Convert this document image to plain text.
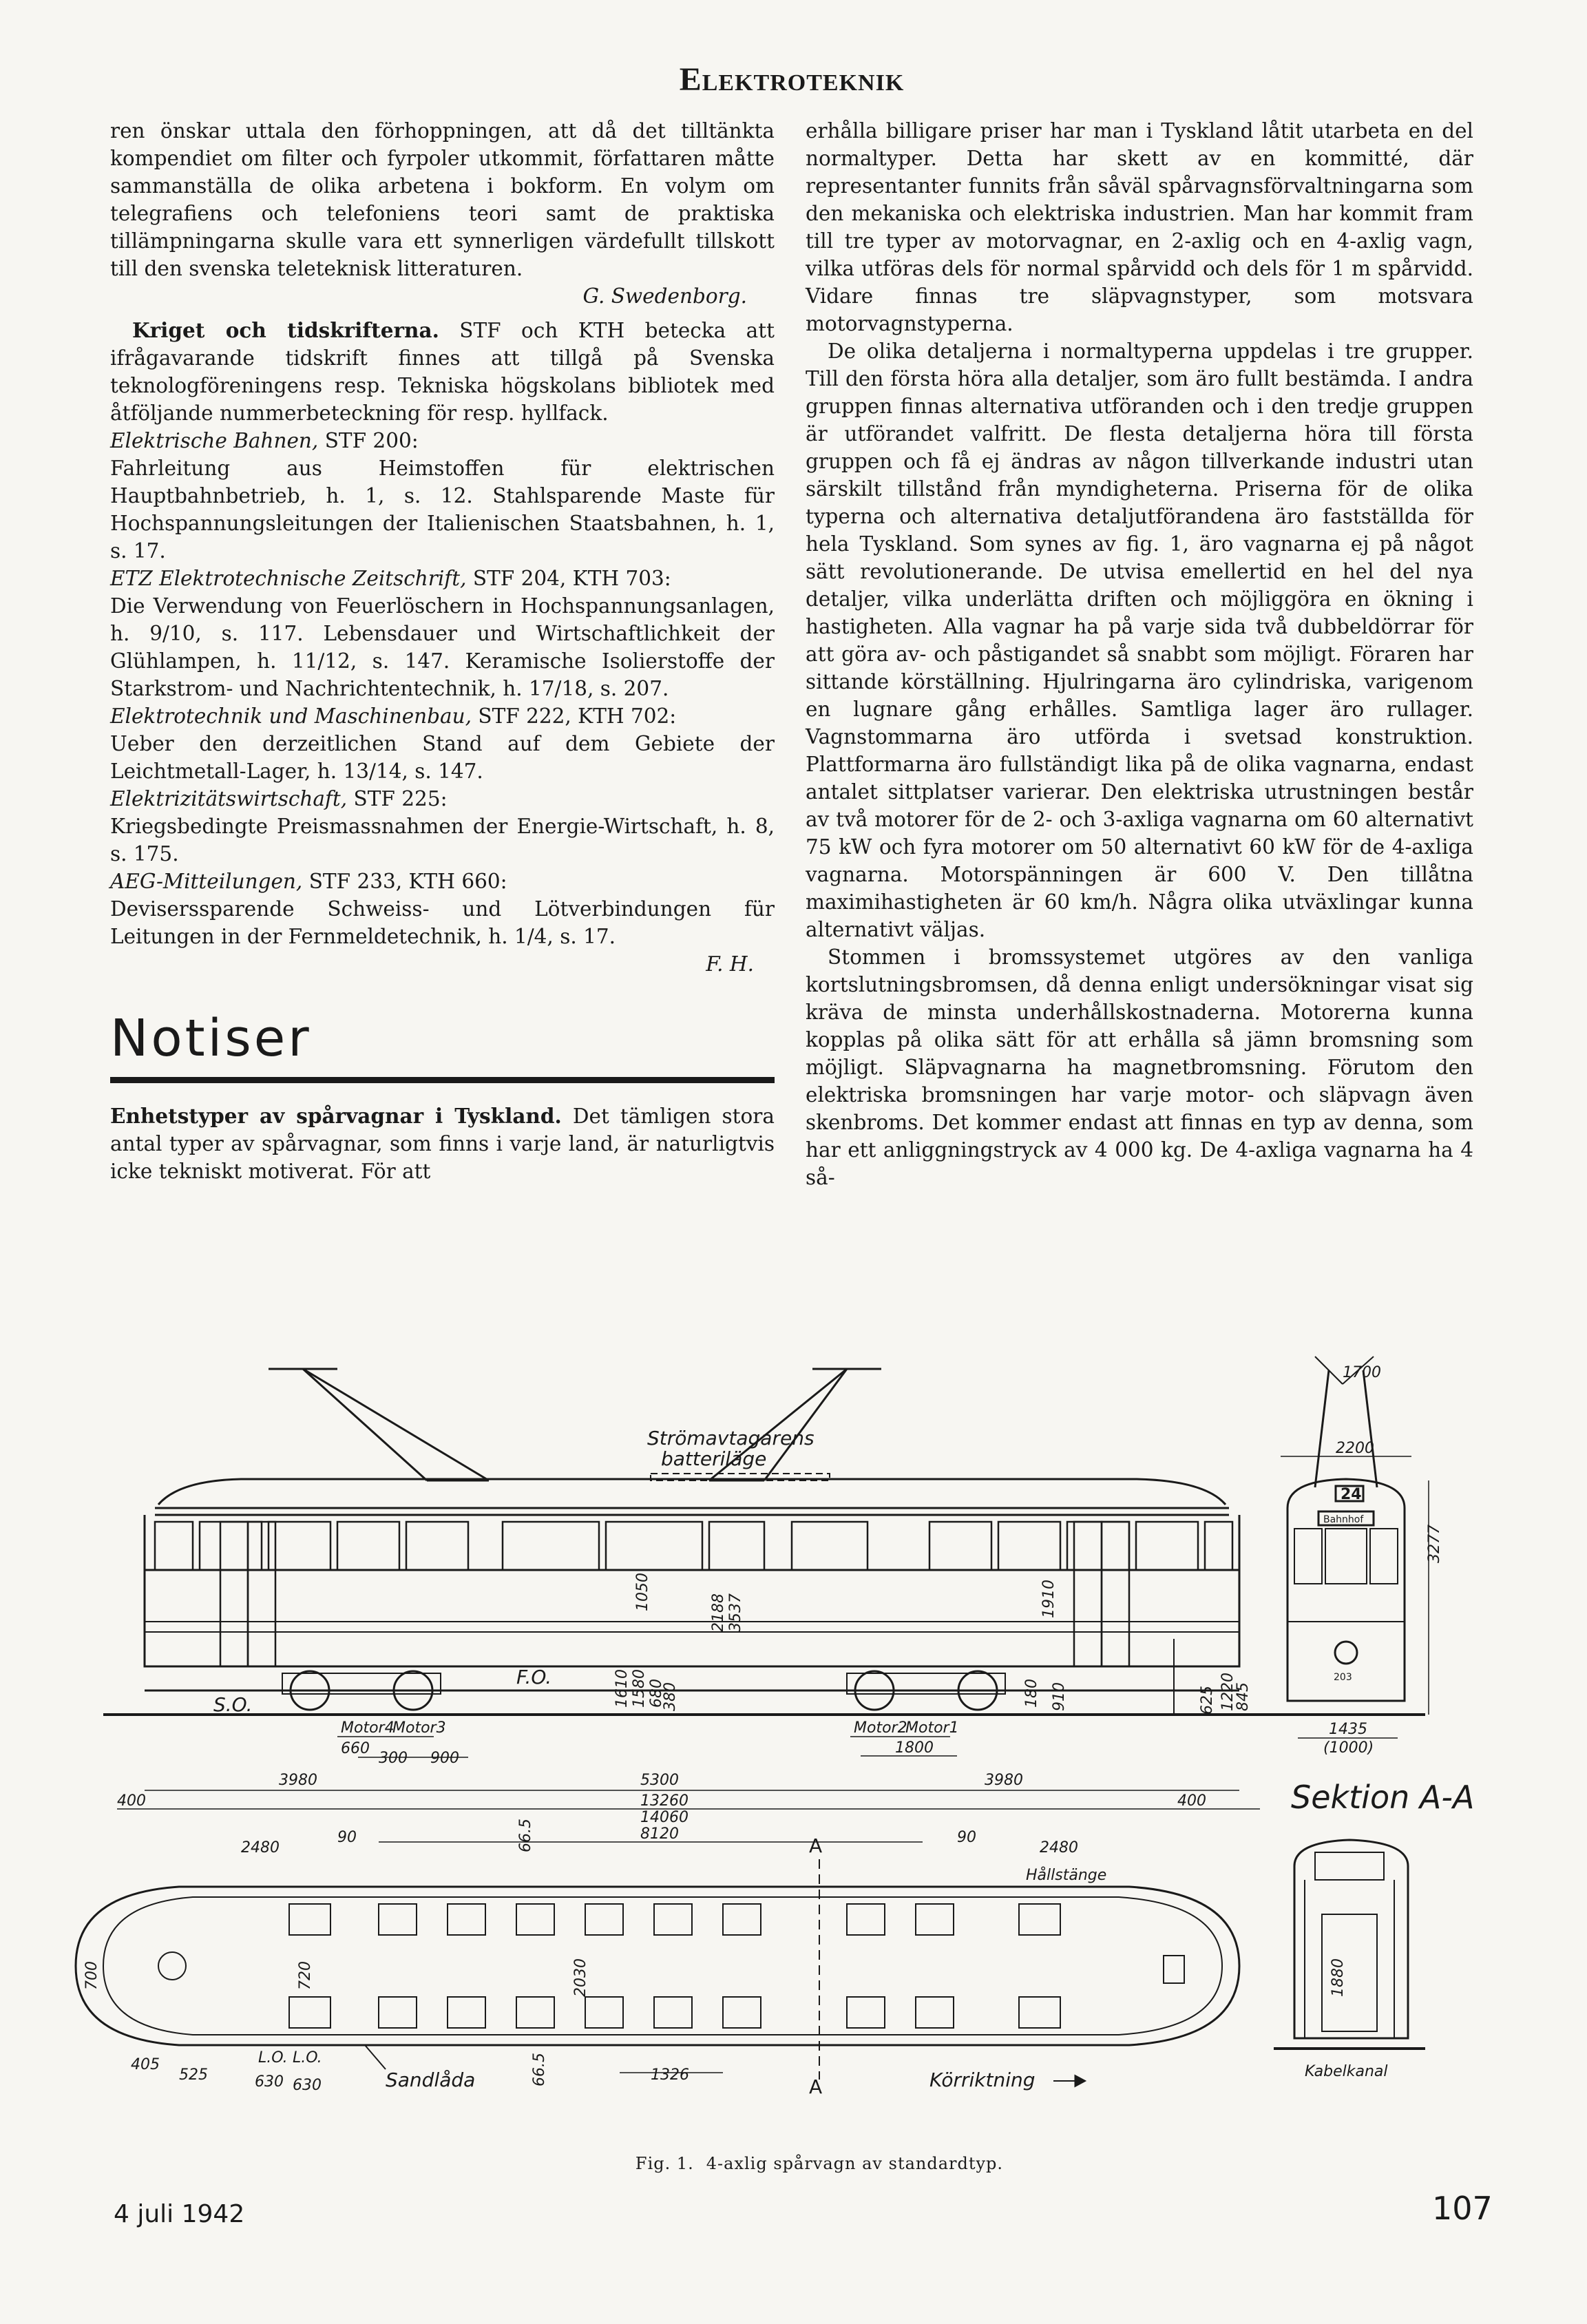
Elektroteknik

ren önskar uttala den förhoppningen, att då det tilltänkta kompendiet om filter och fyrpoler utkommit, författaren måtte sammanställa de olika arbetena i bokform. En volym om telegrafiens och telefoniens teori samt de praktiska tillämpningarna skulle vara ett synnerligen värdefullt tillskott till den svenska teleteknisk litteraturen.

G. Swedenborg.

Kriget och tidskrifterna. STF och KTH betecka att ifrågavarande tidskrift finnes att tillgå på Svenska teknologföreningens resp. Tekniska högskolans bibliotek med åtföljande nummerbeteckning för resp. hyllfack.

Elektrische Bahnen, STF 200:

Fahrleitung aus Heimstoffen für elektrischen Hauptbahnbetrieb, h. 1, s. 12. Stahlsparende Maste für Hochspannungsleitungen der Italienischen Staatsbahnen, h. 1, s. 17.

ETZ Elektrotechnische Zeitschrift, STF 204, KTH 703:

Die Verwendung von Feuerlöschern in Hochspannungsanlagen, h. 9/10, s. 117. Lebensdauer und Wirtschaftlichkeit der Glühlampen, h. 11/12, s. 147. Keramische Isolierstoffe der Starkstrom- und Nachrichtentechnik, h. 17/18, s. 207.

Elektrotechnik und Maschinenbau, STF 222, KTH 702:

Ueber den derzeitlichen Stand auf dem Gebiete der Leichtmetall-Lager, h. 13/14, s. 147.

Elektrizitätswirtschaft, STF 225:

Kriegsbedingte Preismassnahmen der Energie-Wirtschaft, h. 8, s. 175.

AEG-Mitteilungen, STF 233, KTH 660:

Deviserssparende Schweiss- und Lötverbindungen für Leitungen in der Fernmeldetechnik, h. 1/4, s. 17.

F. H.

Notiser

Enhetstyper av spårvagnar i Tyskland. Det tämligen stora antal typer av spårvagnar, som finns i varje land, är naturligtvis icke tekniskt motiverat. För att

erhålla billigare priser har man i Tyskland låtit utarbeta en del normaltyper. Detta har skett av en kommitté, där representanter funnits från såväl spårvagnsförvaltningarna som den mekaniska och elektriska industrien. Man har kommit fram till tre typer av motorvagnar, en 2-axlig och en 4-axlig vagn, vilka utföras dels för normal spårvidd och dels för 1 m spårvidd. Vidare finnas tre släpvagnstyper, som motsvara motorvagnstyperna.

De olika detaljerna i normaltyperna uppdelas i tre grupper. Till den första höra alla detaljer, som äro fullt bestämda. I andra gruppen finnas alternativa utföranden och i den tredje gruppen är utförandet valfritt. De flesta detaljerna höra till första gruppen och få ej ändras av någon tillverkande industri utan särskilt tillstånd från myndigheterna. Priserna för de olika typerna och alternativa detaljutförandena äro fastställda för hela Tyskland. Som synes av fig. 1, äro vagnarna ej på något sätt revolutionerande. De utvisa emellertid en hel del nya detaljer, vilka underlätta driften och möjliggöra en ökning i hastigheten. Alla vagnar ha på varje sida två dubbeldörrar för att göra av- och påstigandet så snabbt som möjligt. Föraren har sittande körställning. Hjulringarna äro cylindriska, varigenom en lugnare gång erhålles. Samtliga lager äro rullager. Vagnstommarna äro utförda i svetsad konstruktion. Plattformarna äro fullständigt lika på de olika vagnarna, endast antalet sittplatser varierar. Den elektriska utrustningen består av två motorer för de 2- och 3-axliga vagnarna om 60 alternativt 75 kW och fyra motorer om 50 alternativt 60 kW för de 4-axliga vagnarna. Motorspänningen är 600 V. Den tillåtna maximihastigheten är 60 km/h. Några olika utväxlingar kunna alternativt väljas.

Stommen i bromssystemet utgöres av den vanliga kortslutningsbromsen, då denna enligt undersökningar visat sig kräva de minsta underhållskostnaderna. Motorerna kunna kopplas på olika sätt för att erhålla så jämn bromsning som möjligt. Släpvagnarna ha magnetbromsning. Förutom den elektriska bromsningen har varje motor- och släpvagn även skenbroms. Det kommer endast att finnas en typ av denna, som har ett anliggningstryck av 4 000 kg. De 4-axliga vagnarna ha 4 så-

Strömavtagarens
batteriläge
S.O.
F.O.
1050
2188 3537	1910
1610 1580 680
380	180 910	1220
845
625
Motor4
Motor3	Motor2
Motor1
660
300 900
1800
400
3980	5300	3980
400
13260
14060
8120
1700
2200
24
Bahnhof
203
3277
1435
(1000)
Sektion A-A
1880
Kabelkanal
2480
90	66.5	A	90
2480
Hållstänge
700	720	2030
405
525
L.O. L.O.
630 630	Sandlåda	66.5	1326
A	Körriktning
Fig. 1. 4-axlig spårvagn av standardtyp.
4 juli 1942	107
